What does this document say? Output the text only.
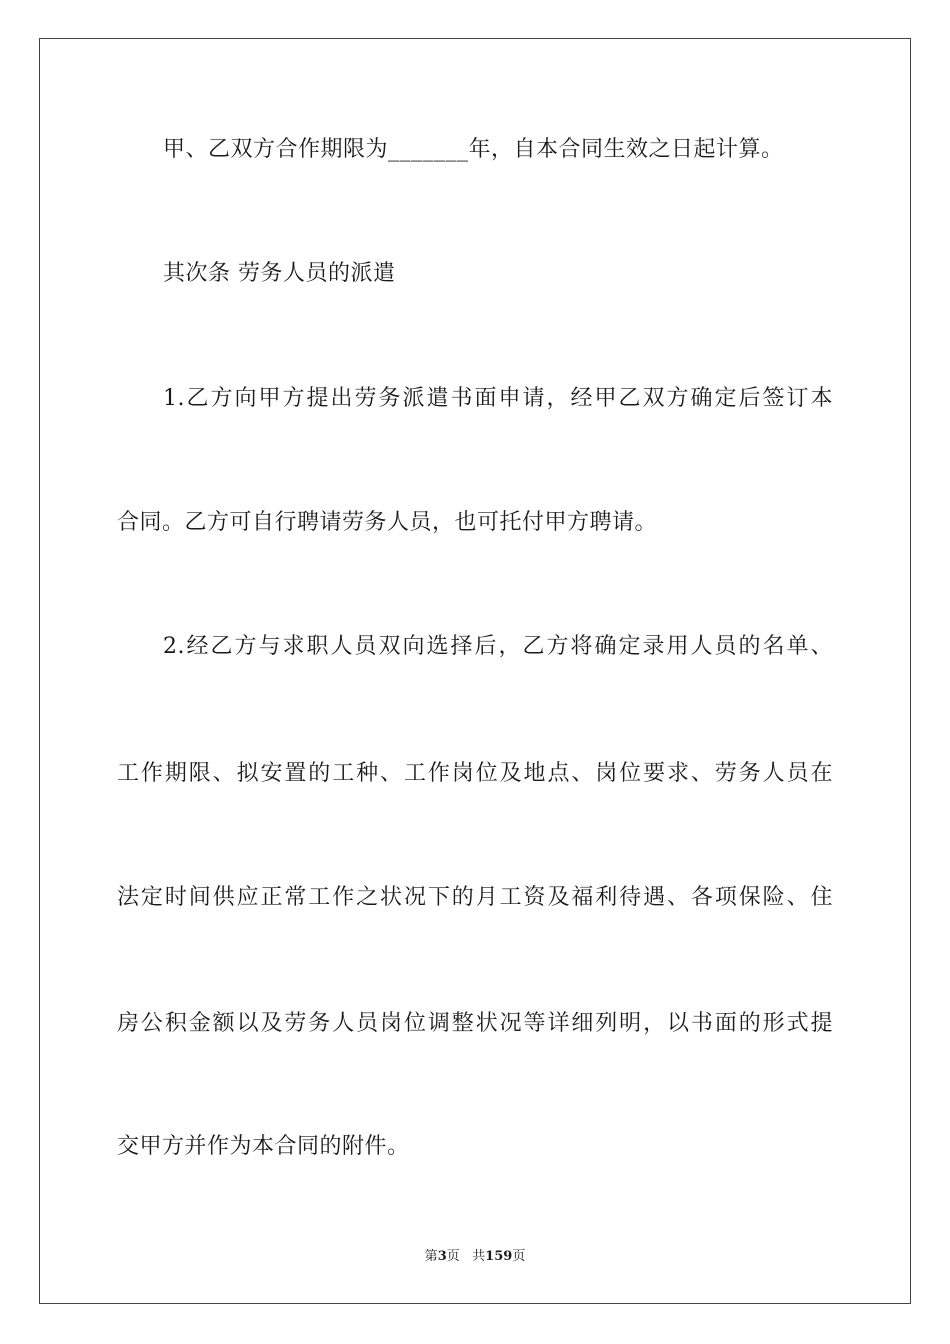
甲、乙双方合作期限为_______年，自本合同生效之日起计算。
其次条 劳务人员的派遣
1.乙方向甲方提出劳务派遣书面申请，经甲乙双方确定后签订本
合同。乙方可自行聘请劳务人员，也可托付甲方聘请。
2.经乙方与求职人员双向选择后，乙方将确定录用人员的名单、
工作期限、拟安置的工种、工作岗位及地点、岗位要求、劳务人员在
法定时间供应正常工作之状况下的月工资及福利待遇、各项保险、住
房公积金额以及劳务人员岗位调整状况等详细列明，以书面的形式提
交甲方并作为本合同的附件。
第3页 共159页
